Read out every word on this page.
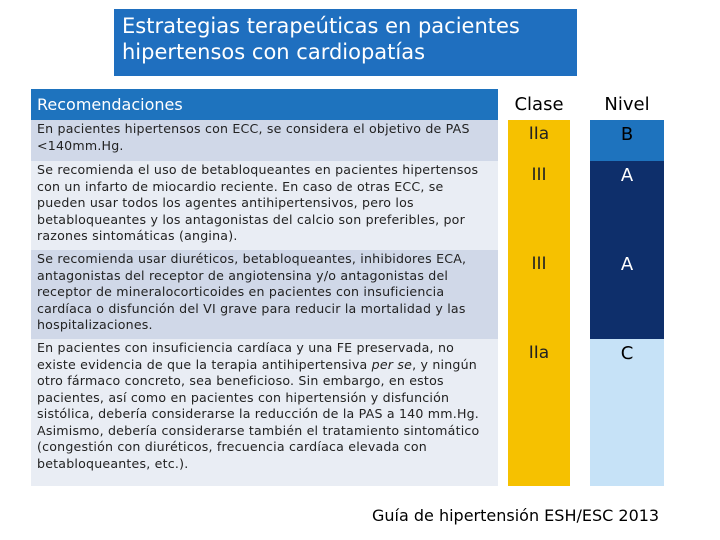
Estrategias terapeúticas en pacientes
hipertensos con cardiopatías
Recomendaciones		Clase		Nivel
En pacientes hipertensos con ECC, se considera el objetivo de PAS <140mm.Hg.		IIa		B
Se recomienda el uso de betabloqueantes en pacientes hipertensos con un infarto de miocardio reciente. En caso de otras ECC, se pueden usar todos los agentes antihipertensivos, pero los betabloqueantes y los antagonistas del calcio son preferibles, por razones sintomáticas (angina).		III		A
Se recomienda usar diuréticos, betabloqueantes, inhibidores ECA, antagonistas del receptor de angiotensina y/o antagonistas del receptor de mineralocorticoides en pacientes con insuficiencia cardíaca o disfunción del VI grave para reducir la mortalidad y las hospitalizaciones.		III		A
En pacientes con insuficiencia cardíaca y una FE preservada, no existe evidencia de que la terapia antihipertensiva per se, y ningún otro fármaco concreto, sea beneficioso. Sin embargo, en estos pacientes, así como en pacientes con hipertensión y disfunción sistólica, debería considerarse la reducción de la PAS a 140 mm.Hg. Asimismo, debería considerarse también el tratamiento sintomático (congestión con diuréticos, frecuencia cardíaca elevada con betabloqueantes, etc.).		IIa		C
Guía de hipertensión ESH/ESC 2013
